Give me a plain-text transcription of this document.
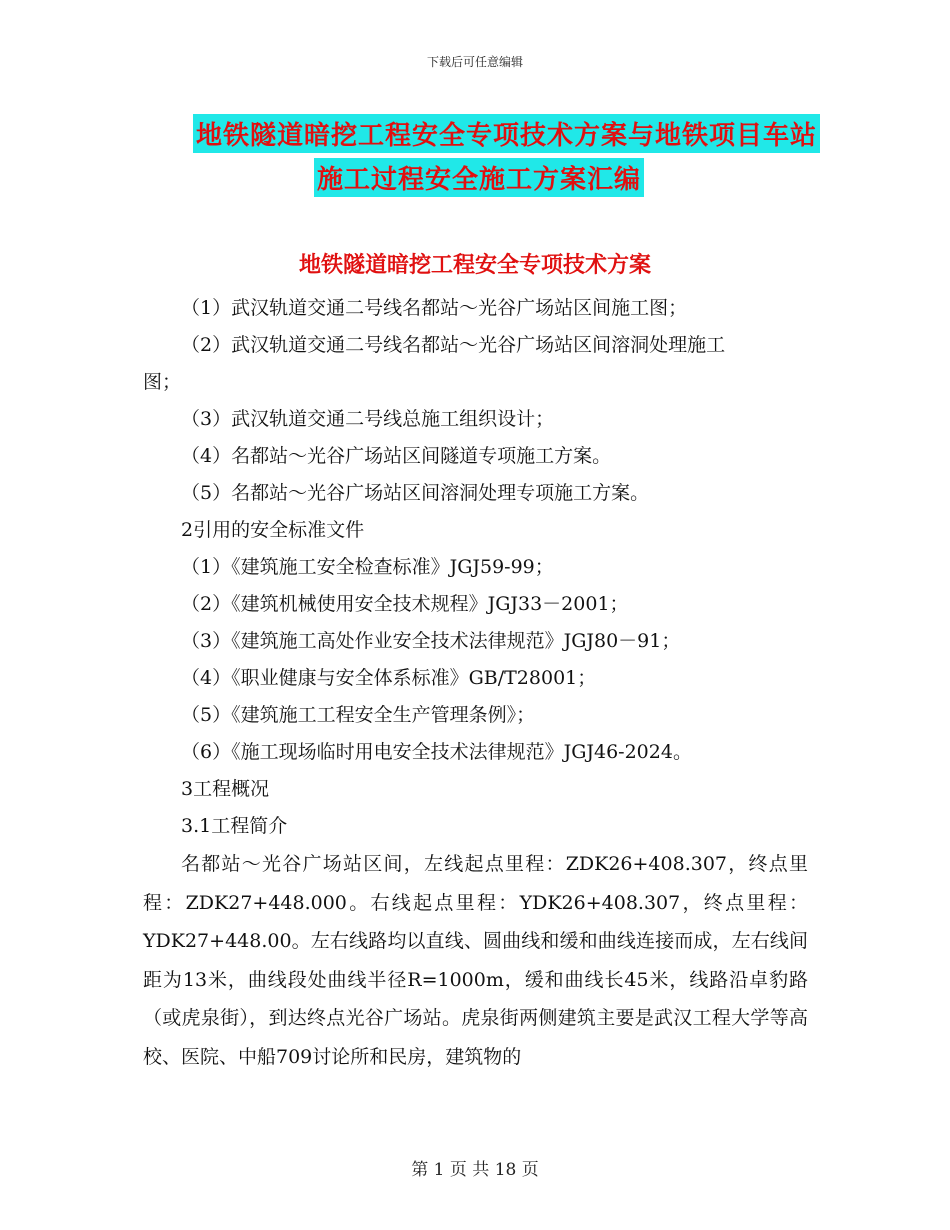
下载后可任意编辑
地铁隧道暗挖工程安全专项技术方案与地铁项目车站
施工过程安全施工方案汇编
地铁隧道暗挖工程安全专项技术方案
（1）武汉轨道交通二号线名都站～光谷广场站区间施工图；
（2）武汉轨道交通二号线名都站～光谷广场站区间溶洞处理施工
图；
（3）武汉轨道交通二号线总施工组织设计；
（4）名都站～光谷广场站区间隧道专项施工方案。
（5）名都站～光谷广场站区间溶洞处理专项施工方案。
2引用的安全标准文件
（1）《建筑施工安全检查标准》JGJ59-99；
（2）《建筑机械使用安全技术规程》JGJ33－2001；
（3）《建筑施工高处作业安全技术法律规范》JGJ80－91；
（4）《职业健康与安全体系标准》GB/T28001；
（5）《建筑施工工程安全生产管理条例》；
（6）《施工现场临时用电安全技术法律规范》JGJ46-2024。
3工程概况
3.1工程简介
名都站～光谷广场站区间，左线起点里程：ZDK26+408.307，终点里程：ZDK27+448.000。右线起点里程：YDK26+408.307，终点里程：YDK27+448.00。左右线路均以直线、圆曲线和缓和曲线连接而成，左右线间距为13米，曲线段处曲线半径R=1000m，缓和曲线长45米，线路沿卓豹路（或虎泉街），到达终点光谷广场站。虎泉街两侧建筑主要是武汉工程大学等高校、医院、中船709讨论所和民房，建筑物的
第 1 页 共 18 页
